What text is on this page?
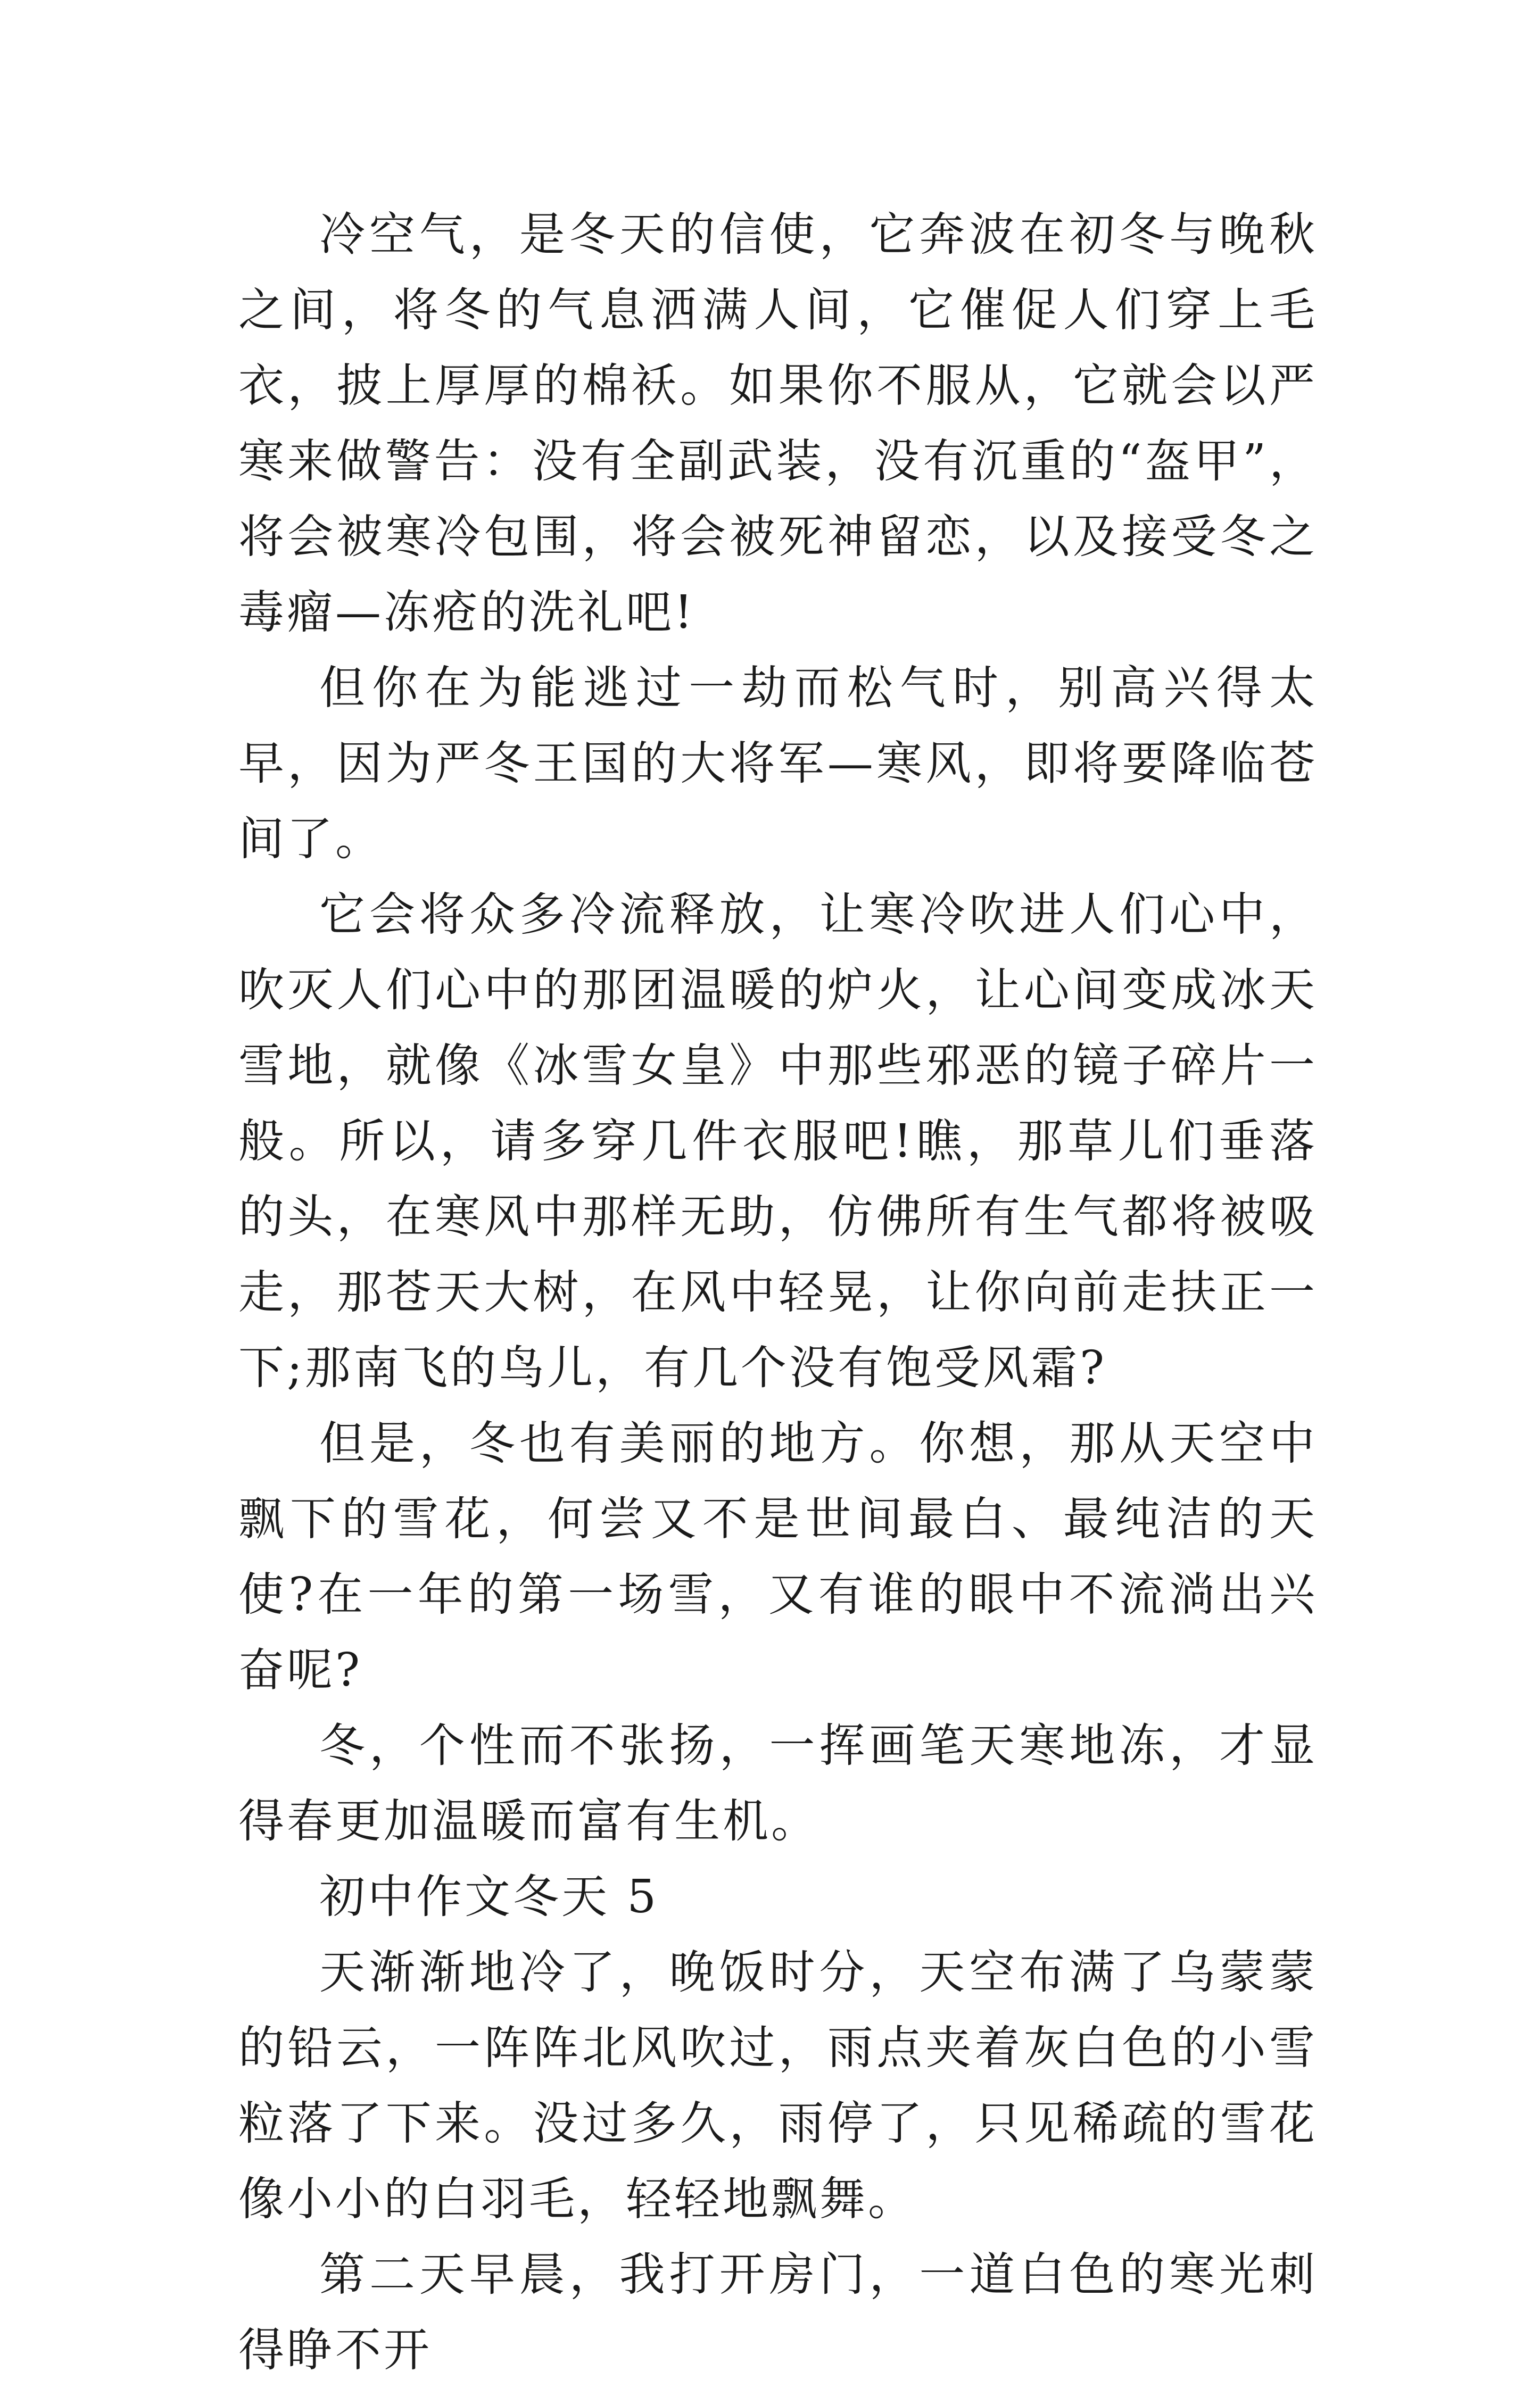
冷空气，是冬天的信使，它奔波在初冬与晚秋之间，将冬的气息洒满人间，它催促人们穿上毛衣，披上厚厚的棉袄。如果你不服从，它就会以严寒来做警告：没有全副武装，没有沉重的“盔甲”，将会被寒冷包围，将会被死神留恋，以及接受冬之毒瘤—冻疮的洗礼吧!

但你在为能逃过一劫而松气时，别高兴得太早，因为严冬王国的大将军—寒风，即将要降临苍间了。

它会将众多冷流释放，让寒冷吹进人们心中，吹灭人们心中的那团温暖的炉火，让心间变成冰天雪地，就像《冰雪女皇》中那些邪恶的镜子碎片一般。所以，请多穿几件衣服吧!瞧，那草儿们垂落的头，在寒风中那样无助，仿佛所有生气都将被吸走，那苍天大树，在风中轻晃，让你向前走扶正一下;那南飞的鸟儿，有几个没有饱受风霜?

但是，冬也有美丽的地方。你想，那从天空中飘下的雪花，何尝又不是世间最白、最纯洁的天使?在一年的第一场雪，又有谁的眼中不流淌出兴奋呢?

冬，个性而不张扬，一挥画笔天寒地冻，才显得春更加温暖而富有生机。

初中作文冬天 5

天渐渐地冷了，晚饭时分，天空布满了乌蒙蒙的铅云，一阵阵北风吹过，雨点夹着灰白色的小雪粒落了下来。没过多久，雨停了，只见稀疏的雪花像小小的白羽毛，轻轻地飘舞。

第二天早晨，我打开房门，一道白色的寒光刺得睁不开
